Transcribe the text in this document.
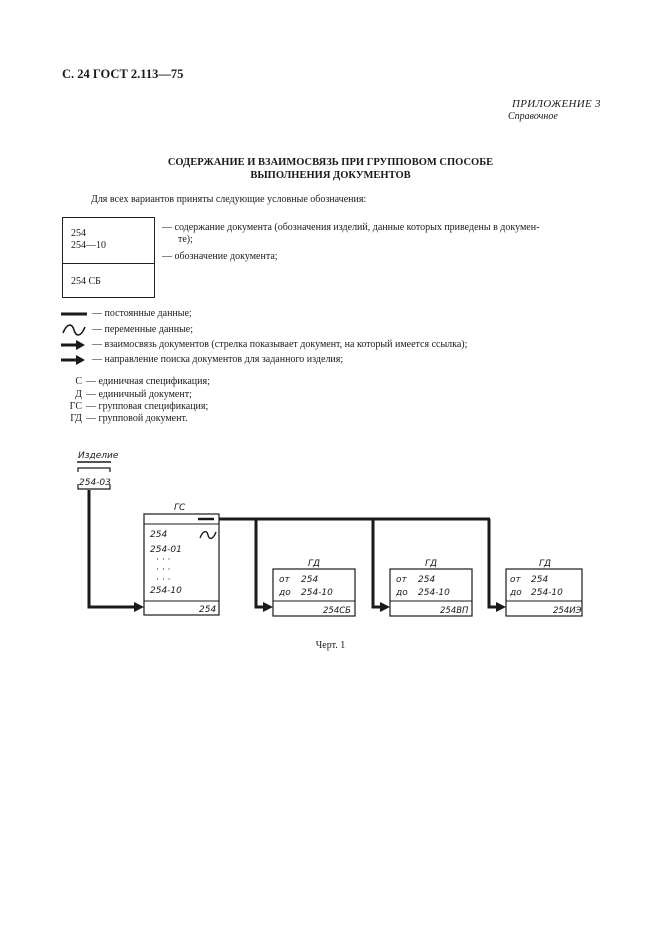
С. 24 ГОСТ 2.113—75
ПРИЛОЖЕНИЕ 3
Справочное
СОДЕРЖАНИЕ И ВЗАИМОСВЯЗЬ ПРИ ГРУППОВОМ СПОСОБЕ
ВЫПОЛНЕНИЯ ДОКУМЕНТОВ
Для всех вариантов приняты следующие условные обозначения:
254
254—10
254 СБ
— содержание документа (обозначения изделий, данные которых приведены в докумен-
те);
— обозначение документа;
— постоянные данные;
— переменные данные;
— взаимосвязь документов (стрелка показывает документ, на который имеется ссылка);
— направление поиска документов для заданного изделия;
С — единичная спецификация;
Д — единичный документ;
ГС — групповая спецификация;
ГД — групповой документ.
Изделие
254-03
ГС
254
254-01
· · ·
· · ·
· · ·
254-10
254
ГД
от 254
до 254-10
254СБ
ГД
от 254
до 254-10
254ВП
ГД
от 254
до 254-10
254ИЭ
Черт. 1
